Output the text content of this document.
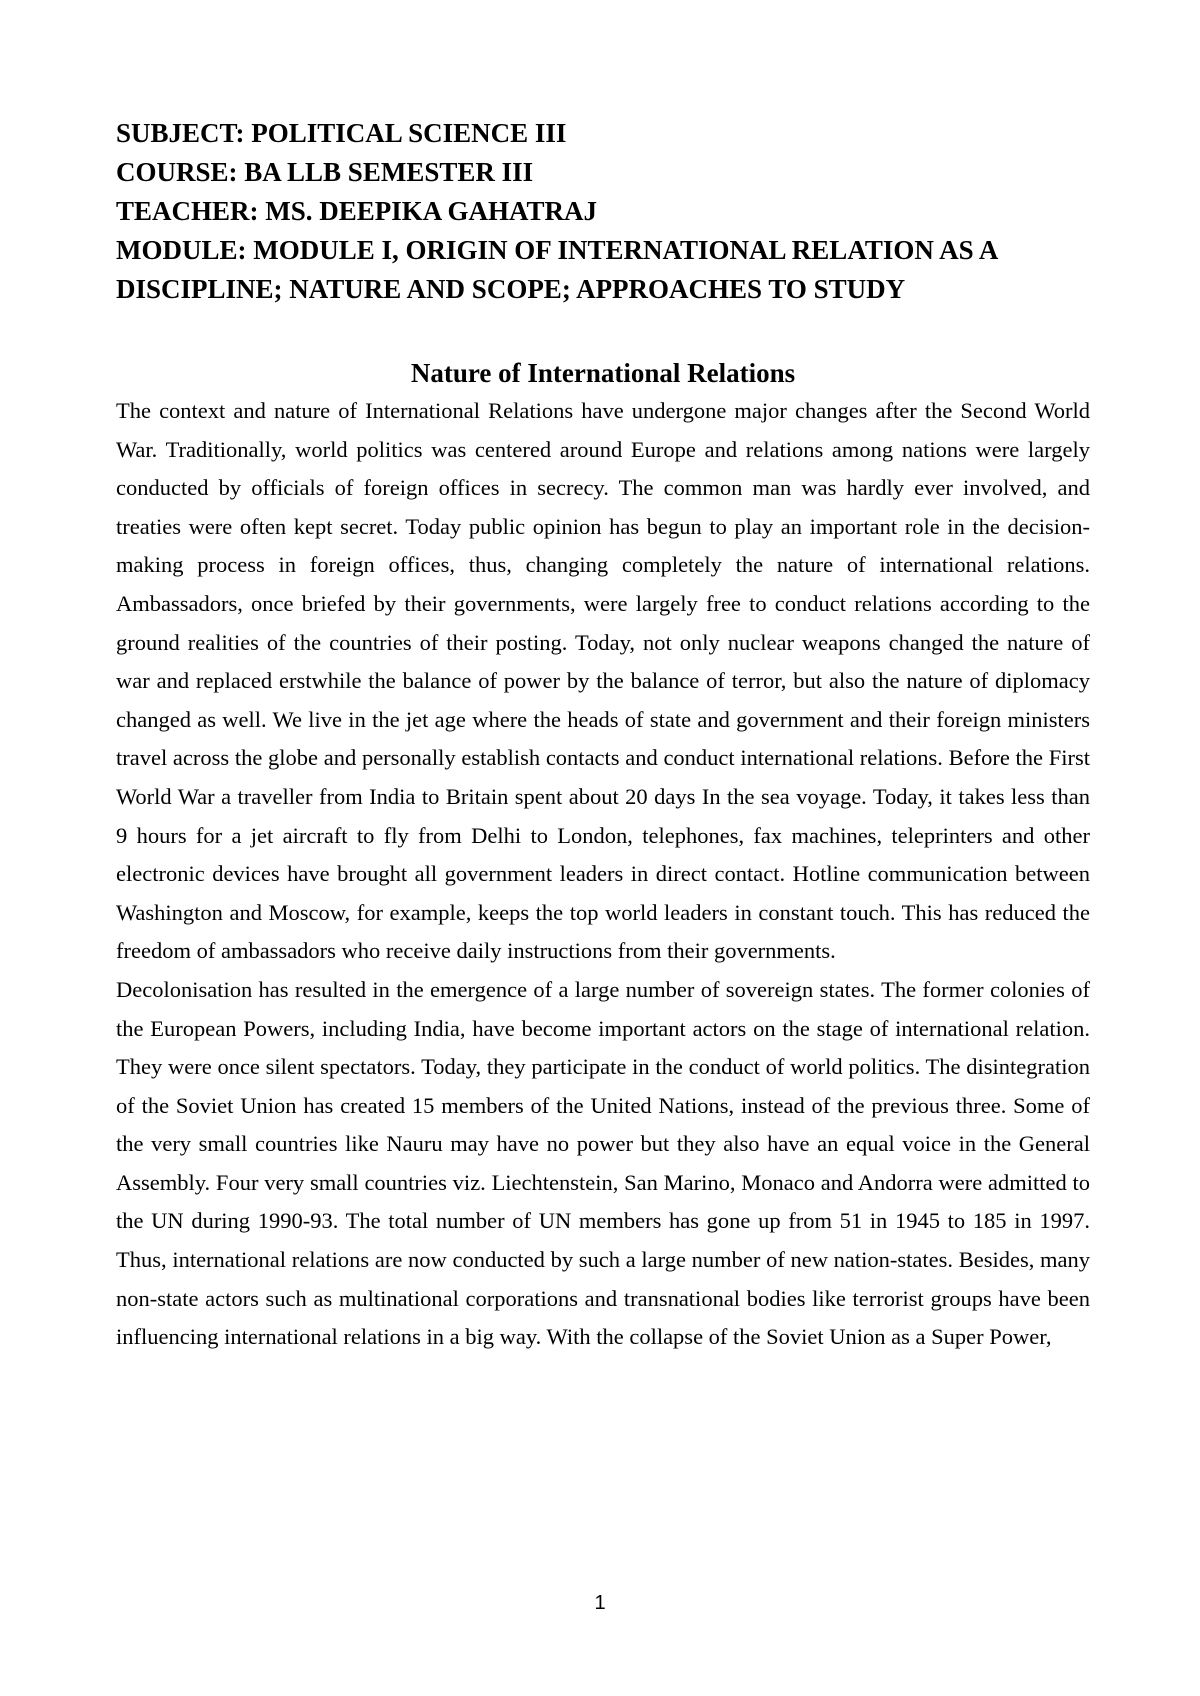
SUBJECT: POLITICAL SCIENCE III

COURSE: BA LLB SEMESTER III

TEACHER: MS. DEEPIKA GAHATRAJ

MODULE: MODULE I, ORIGIN OF INTERNATIONAL RELATION AS A DISCIPLINE; NATURE AND SCOPE; APPROACHES TO STUDY

Nature of International Relations

The context and nature of International Relations have undergone major changes after the Second World War. Traditionally, world politics was centered around Europe and relations among nations were largely conducted by officials of foreign offices in secrecy. The common man was hardly ever involved, and treaties were often kept secret. Today public opinion has begun to play an important role in the decision-making process in foreign offices, thus, changing completely the nature of international relations. Ambassadors, once briefed by their governments, were largely free to conduct relations according to the ground realities of the countries of their posting. Today, not only nuclear weapons changed the nature of war and replaced erstwhile the balance of power by the balance of terror, but also the nature of diplomacy changed as well. We live in the jet age where the heads of state and government and their foreign ministers travel across the globe and personally establish contacts and conduct international relations. Before the First World War a traveller from India to Britain spent about 20 days In the sea voyage. Today, it takes less than 9 hours for a jet aircraft to fly from Delhi to London, telephones, fax machines, teleprinters and other electronic devices have brought all government leaders in direct contact. Hotline communication between Washington and Moscow, for example, keeps the top world leaders in constant touch. This has reduced the freedom of ambassadors who receive daily instructions from their governments.

Decolonisation has resulted in the emergence of a large number of sovereign states. The former colonies of the European Powers, including India, have become important actors on the stage of international relation. They were once silent spectators. Today, they participate in the conduct of world politics. The disintegration of the Soviet Union has created 15 members of the United Nations, instead of the previous three. Some of the very small countries like Nauru may have no power but they also have an equal voice in the General Assembly. Four very small countries viz. Liechtenstein, San Marino, Monaco and Andorra were admitted to the UN during 1990-93. The total number of UN members has gone up from 51 in 1945 to 185 in 1997. Thus, international relations are now conducted by such a large number of new nation-states. Besides, many non-state actors such as multinational corporations and transnational bodies like terrorist groups have been influencing international relations in a big way. With the collapse of the Soviet Union as a Super Power,

1
